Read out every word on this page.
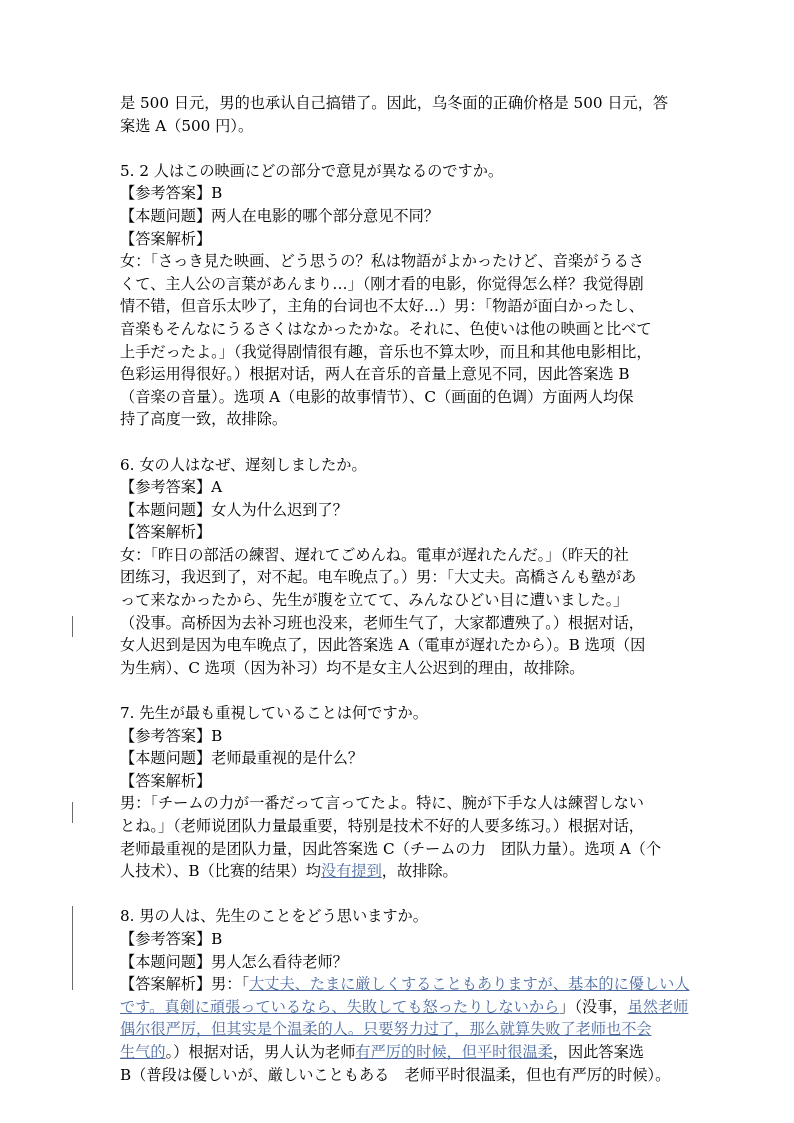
是 500 日元，男的也承认自己搞错了。因此，乌冬面的正确价格是 500 日元，答
案选 A（500 円）。
5. 2 人はこの映画にどの部分で意見が異なるのですか。
【参考答案】B
【本题问题】两人在电影的哪个部分意见不同？
【答案解析】
女：「さっき見た映画、どう思うの？私は物語がよかったけど、音楽がうるさ
くて、主人公の言葉があんまり…」（刚才看的电影，你觉得怎么样？我觉得剧
情不错，但音乐太吵了，主角的台词也不太好…）男：「物語が面白かったし、
音楽もそんなにうるさくはなかったかな。それに、色使いは他の映画と比べて
上手だったよ。」（我觉得剧情很有趣，音乐也不算太吵，而且和其他电影相比，
色彩运用得很好。）根据对话，两人在音乐的音量上意见不同，因此答案选 B
（音楽の音量）。选项 A（电影的故事情节）、C（画面的色调）方面两人均保
持了高度一致，故排除。
6. 女の人はなぜ、遅刻しましたか。
【参考答案】A
【本题问题】女人为什么迟到了？
【答案解析】
女：「昨日の部活の練習、遅れてごめんね。電車が遅れたんだ。」（昨天的社
团练习，我迟到了，对不起。电车晚点了。）男：「大丈夫。高橋さんも塾があ
って来なかったから、先生が腹を立てて、みんなひどい目に遭いました。」
（没事。高桥因为去补习班也没来，老师生气了，大家都遭殃了。）根据对话，
女人迟到是因为电车晚点了，因此答案选 A（電車が遅れたから）。B 选项（因
为生病）、C 选项（因为补习）均不是女主人公迟到的理由，故排除。
7. 先生が最も重視していることは何ですか。
【参考答案】B
【本题问题】老师最重视的是什么？
【答案解析】
男：「チームの力が一番だって言ってたよ。特に、腕が下手な人は練習しない
とね。」（老师说团队力量最重要，特别是技术不好的人要多练习。）根据对话，
老师最重视的是团队力量，因此答案选 C（チームの力　团队力量）。选项 A（个
人技术）、B（比赛的结果）均没有提到，故排除。
8. 男の人は、先生のことをどう思いますか。
【参考答案】B
【本题问题】男人怎么看待老师？
【答案解析】男：「大丈夫、たまに厳しくすることもありますが、基本的に優しい人
です。真剣に頑張っているなら、失敗しても怒ったりしないから」（没事，虽然老师
偶尔很严厉，但其实是个温柔的人。只要努力过了，那么就算失败了老师也不会
生气的。）根据对话，男人认为老师有严厉的时候，但平时很温柔，因此答案选
B（普段は優しいが、厳しいこともある　老师平时很温柔，但也有严厉的时候）。
